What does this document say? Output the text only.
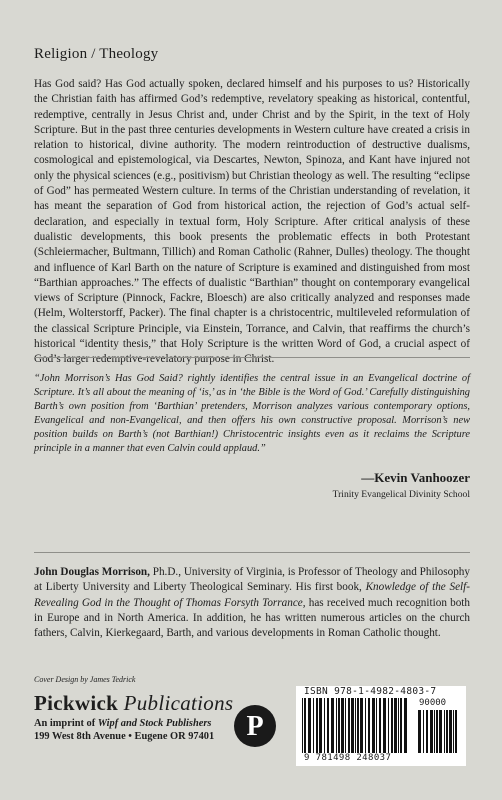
Religion / Theology
Has God said? Has God actually spoken, declared himself and his purposes to us? Historically the Christian faith has affirmed God’s redemptive, revelatory speaking as historical, contentful, redemptive, centrally in Jesus Christ and, under Christ and by the Spirit, in the text of Holy Scripture. But in the past three centuries developments in Western culture have created a crisis in relation to historical, divine authority. The modern reintroduction of destructive dualisms, cosmological and epistemological, via Descartes, Newton, Spinoza, and Kant have injured not only the physical sciences (e.g., positivism) but Christian theology as well. The resulting “eclipse of God” has permeated Western culture. In terms of the Christian understanding of revelation, it has meant the separation of God from historical action, the rejection of God’s actual self-declaration, and especially in textual form, Holy Scripture. After critical analysis of these dualistic developments, this book presents the problematic effects in both Protestant (Schleiermacher, Bultmann, Tillich) and Roman Catholic (Rahner, Dulles) theology. The thought and influence of Karl Barth on the nature of Scripture is examined and distinguished from most “Barthian approaches.” The effects of dualistic “Barthian” thought on contemporary evangelical views of Scripture (Pinnock, Fackre, Bloesch) are also critically analyzed and responses made (Helm, Wolterstorff, Packer). The final chapter is a christocentric, multileveled reformulation of the classical Scripture Principle, via Einstein, Torrance, and Calvin, that reaffirms the church’s historical “identity thesis,” that Holy Scripture is the written Word of God, a crucial aspect of God’s larger redemptive-revelatory purpose in Christ.
“John Morrison’s Has God Said? rightly identifies the central issue in an Evangelical doctrine of Scripture. It’s all about the meaning of ‘is,’ as in ‘the Bible is the Word of God.’ Carefully distinguishing Barth’s own position from ‘Barthian’ pretenders, Morrison analyzes various contemporary options, Evangelical and non-Evangelical, and then offers his own constructive proposal. Morrison’s new position builds on Barth’s (not Barthian!) Christocentric insights even as it reclaims the Scripture principle in a manner that even Calvin could applaud.”
—Kevin Vanhoozer
Trinity Evangelical Divinity School
John Douglas Morrison, Ph.D., University of Virginia, is Professor of Theology and Philosophy at Liberty University and Liberty Theological Seminary. His first book, Knowledge of the Self-Revealing God in the Thought of Thomas Forsyth Torrance, has received much recognition both in Europe and in North America. In addition, he has written numerous articles on the church fathers, Calvin, Kierkegaard, Barth, and various developments in Roman Catholic thought.
Cover Design by James Tedrick
Pickwick Publications
An imprint of Wipf and Stock Publishers
199 West 8th Avenue • Eugene OR 97401	P
ISBN 978-1-4982-4803-7
90000
9 781498 248037
